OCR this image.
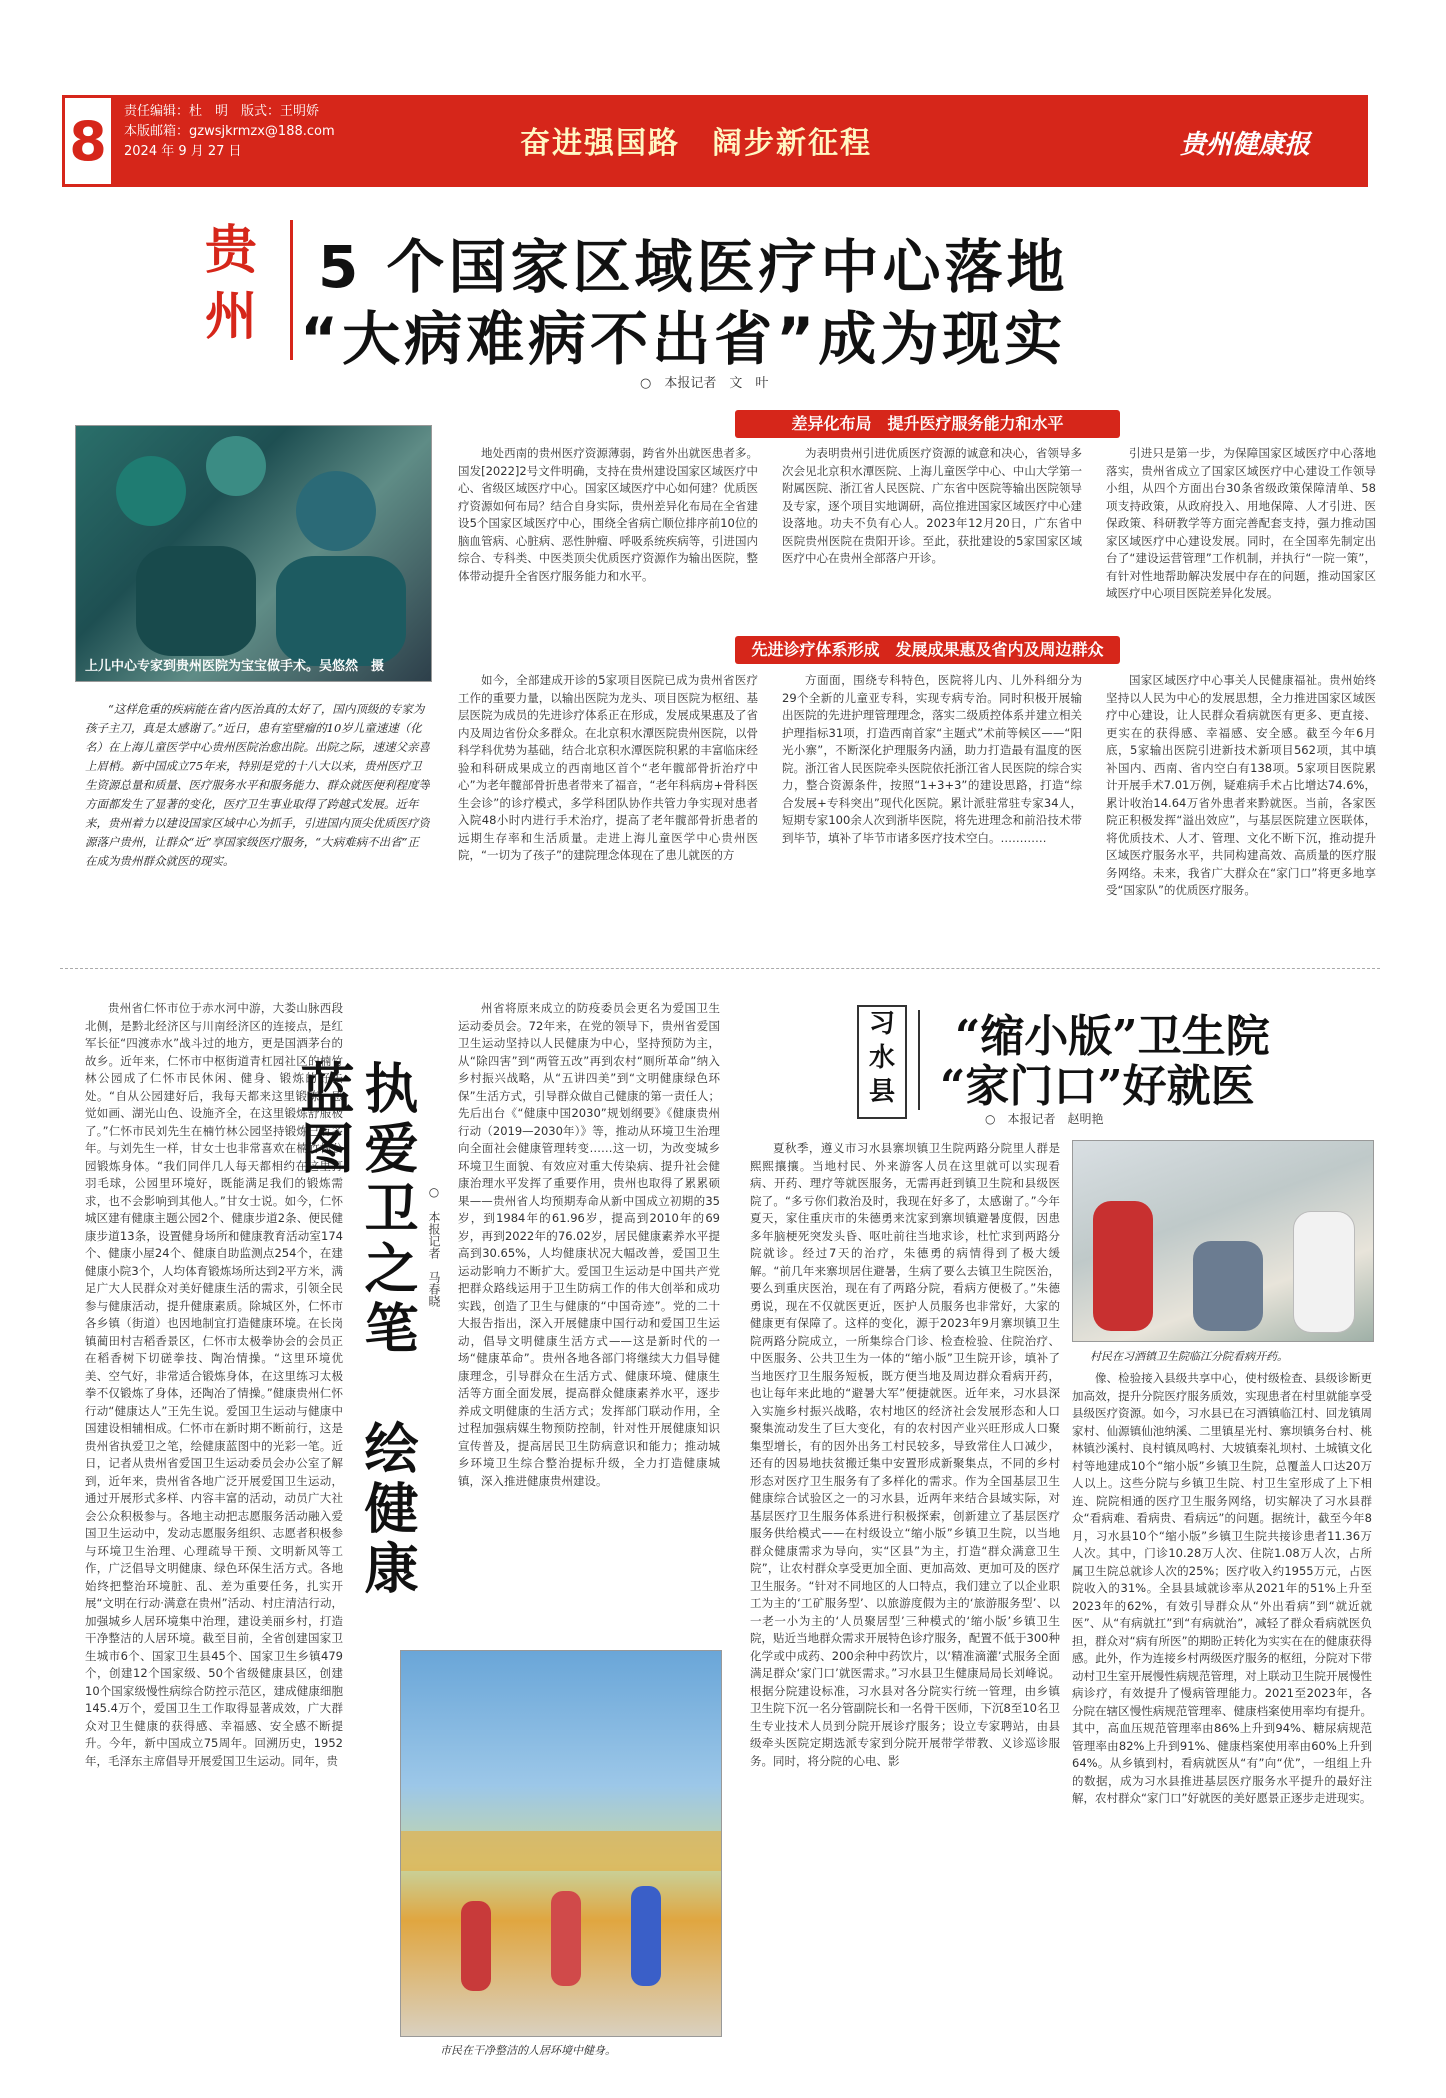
8	责任编辑：杜　明　版式：王明娇
本版邮箱：gzwsjkrmzx@188.com
2024 年 9 月 27 日	奋进强国路　阔步新征程	贵州健康报
贵州
5 个国家区域医疗中心落地
“大病难病不出省”成为现实
○　本报记者　文　叶
上儿中心专家到贵州医院为宝宝做手术。吴悠然　摄

“这样危重的疾病能在省内医治真的太好了，国内顶级的专家为孩子主刀，真是太感谢了。”近日，患有室壁瘤的10岁儿童速速（化名）在上海儿童医学中心贵州医院治愈出院。出院之际，速速父亲喜上眉梢。新中国成立75年来，特别是党的十八大以来，贵州医疗卫生资源总量和质量、医疗服务水平和服务能力、群众就医便利程度等方面都发生了显著的变化，医疗卫生事业取得了跨越式发展。近年来，贵州着力以建设国家区域中心为抓手，引进国内顶尖优质医疗资源落户贵州，让群众“近”享国家级医疗服务，“大病难病不出省”正在成为贵州群众就医的现实。

差异化布局　提升医疗服务能力和水平
先进诊疗体系形成　发展成果惠及省内及周边群众

地处西南的贵州医疗资源薄弱，跨省外出就医患者多。国发[2022]2号文件明确，支持在贵州建设国家区域医疗中心、省级区域医疗中心。国家区域医疗中心如何建？优质医疗资源如何布局？结合自身实际，贵州差异化布局在全省建设5个国家区域医疗中心，围绕全省病亡顺位排序前10位的脑血管病、心脏病、恶性肿瘤、呼吸系统疾病等，引进国内综合、专科类、中医类顶尖优质医疗资源作为输出医院，整体带动提升全省医疗服务能力和水平。

为表明贵州引进优质医疗资源的诚意和决心，省领导多次会见北京积水潭医院、上海儿童医学中心、中山大学第一附属医院、浙江省人民医院、广东省中医院等输出医院领导及专家，逐个项目实地调研，高位推进国家区域医疗中心建设落地。功夫不负有心人。2023年12月20日，广东省中医院贵州医院在贵阳开诊。至此，获批建设的5家国家区域医疗中心在贵州全部落户开诊。

引进只是第一步，为保障国家区域医疗中心落地落实，贵州省成立了国家区域医疗中心建设工作领导小组，从四个方面出台30条省级政策保障清单、58项支持政策，从政府投入、用地保障、人才引进、医保政策、科研教学等方面完善配套支持，强力推动国家区域医疗中心建设发展。同时，在全国率先制定出台了“建设运营管理”工作机制，并执行“一院一策”，有针对性地帮助解决发展中存在的问题，推动国家区域医疗中心项目医院差异化发展。

如今，全部建成开诊的5家项目医院已成为贵州省医疗工作的重要力量，以输出医院为龙头、项目医院为枢纽、基层医院为成员的先进诊疗体系正在形成，发展成果惠及了省内及周边省份众多群众。在北京积水潭医院贵州医院，以骨科学科优势为基础，结合北京积水潭医院积累的丰富临床经验和科研成果成立的西南地区首个“老年髋部骨折治疗中心”为老年髋部骨折患者带来了福音，“老年科病房+骨科医生会诊”的诊疗模式，多学科团队协作共管力争实现对患者入院48小时内进行手术治疗，提高了老年髋部骨折患者的远期生存率和生活质量。走进上海儿童医学中心贵州医院，“一切为了孩子”的建院理念体现在了患儿就医的方

方面面，围绕专科特色，医院将儿内、儿外科细分为29个全新的儿童亚专科，实现专病专治。同时积极开展输出医院的先进护理管理理念，落实二级质控体系并建立相关护理指标31项，打造西南首家“主题式”术前等候区——“阳光小寨”，不断深化护理服务内涵，助力打造最有温度的医院。浙江省人民医院牵头医院依托浙江省人民医院的综合实力，整合资源条件，按照“1+3+3”的建设思路，打造“综合发展+专科突出”现代化医院。累计派驻常驻专家34人，短期专家100余人次到浙毕医院，将先进理念和前沿技术带到毕节，填补了毕节市诸多医疗技术空白。…………

国家区域医疗中心事关人民健康福祉。贵州始终坚持以人民为中心的发展思想，全力推进国家区域医疗中心建设，让人民群众看病就医有更多、更直接、更实在的获得感、幸福感、安全感。截至今年6月底，5家输出医院引进新技术新项目562项，其中填补国内、西南、省内空白有138项。5家项目医院累计开展手术7.01万例，疑难病手术占比增达74.6%，累计收治14.64万省外患者来黔就医。当前，各家医院正积极发挥“溢出效应”，与基层医院建立医联体，将优质技术、人才、管理、文化不断下沉，推动提升区域医疗服务水平，共同构建高效、高质量的医疗服务网络。未来，我省广大群众在“家门口”将更多地享受“国家队”的优质医疗服务。

贵州省仁怀市位于赤水河中游，大娄山脉西段北侧，是黔北经济区与川南经济区的连接点，是红军长征“四渡赤水”战斗过的地方，更是国酒茅台的故乡。近年来，仁怀市中枢街道青杠园社区的楠竹林公园成了仁怀市民休闲、健身、锻炼的好去处。“自从公园建好后，我每天都来这里锻炼，感觉如画、湖光山色、设施齐全，在这里锻炼舒服极了。”仁怀市民刘先生在楠竹林公园坚持锻炼已有多年。与刘先生一样，甘女士也非常喜欢在楠竹林公园锻炼身体。“我们同伴几人每天都相约在这里打羽毛球，公园里环境好，既能满足我们的锻炼需求，也不会影响到其他人。”甘女士说。如今，仁怀城区建有健康主题公园2个、健康步道2条、便民健康步道13条，设置健身场所和健康教育活动室174个、健康小屋24个、健康自助监测点254个，在建健康小院3个，人均体育锻炼场所达到2平方米，满足广大人民群众对美好健康生活的需求，引领全民参与健康活动，提升健康素质。除城区外，仁怀市各乡镇（街道）也因地制宜打造健康环境。在长岗镇蔺田村吉稻香景区，仁怀市太极拳协会的会员正在稻香树下切磋拳技、陶冶情操。“这里环境优美、空气好，非常适合锻炼身体，在这里练习太极拳不仅锻炼了身体，还陶冶了情操。”健康贵州仁怀行动“健康达人”王先生说。爱国卫生运动与健康中国建设相辅相成。仁怀市在新时期不断前行，这是贵州省执爱卫之笔，绘健康蓝图中的光彩一笔。近日，记者从贵州省爱国卫生运动委员会办公室了解到，近年来，贵州省各地广泛开展爱国卫生运动，通过开展形式多样、内容丰富的活动，动员广大社会公众积极参与。各地主动把志愿服务活动融入爱国卫生运动中，发动志愿服务组织、志愿者积极参与环境卫生治理、心理疏导干预、文明新风等工作，广泛倡导文明健康、绿色环保生活方式。各地始终把整治环境脏、乱、差为重要任务，扎实开展“文明在行动·满意在贵州”活动、村庄清洁行动，加强城乡人居环境集中治理，建设美丽乡村，打造干净整洁的人居环境。截至目前，全省创建国家卫生城市6个、国家卫生县45个、国家卫生乡镇479个，创建12个国家级、50个省级健康县区，创建10个国家级慢性病综合防控示范区，建成健康细胞145.4万个，爱国卫生工作取得显著成效，广大群众对卫生健康的获得感、幸福感、安全感不断提升。今年，新中国成立75周年。回溯历史，1952年，毛泽东主席倡导开展爱国卫生运动。同年，贵

执爱卫之笔　绘健康蓝图
○　本报记者　马春晓

州省将原来成立的防疫委员会更名为爱国卫生运动委员会。72年来，在党的领导下，贵州省爱国卫生运动坚持以人民健康为中心，坚持预防为主，从“除四害”到“两管五改”再到农村“厕所革命”纳入乡村振兴战略，从“五讲四美”到“文明健康绿色环保”生活方式，引导群众做自己健康的第一责任人；先后出台《“健康中国2030”规划纲要》《健康贵州行动（2019—2030年）》等，推动从环境卫生治理向全面社会健康管理转变……这一切，为改变城乡环境卫生面貌、有效应对重大传染病、提升社会健康治理水平发挥了重要作用，贵州也取得了累累硕果——贵州省人均预期寿命从新中国成立初期的35岁，到1984年的61.96岁，提高到2010年的69岁，再到2022年的76.02岁，居民健康素养水平提高到30.65%，人均健康状况大幅改善，爱国卫生运动影响力不断扩大。爱国卫生运动是中国共产党把群众路线运用于卫生防病工作的伟大创举和成功实践，创造了卫生与健康的“中国奇迹”。党的二十大报告指出，深入开展健康中国行动和爱国卫生运动，倡导文明健康生活方式——这是新时代的一场“健康革命”。贵州各地各部门将继续大力倡导健康理念，引导群众在生活方式、健康环境、健康生活等方面全面发展，提高群众健康素养水平，逐步养成文明健康的生活方式；发挥部门联动作用，全过程加强病媒生物预防控制，针对性开展健康知识宣传普及，提高居民卫生防病意识和能力；推动城乡环境卫生综合整治提标升级，全力打造健康城镇，深入推进健康贵州建设。

市民在干净整洁的人居环境中健身。
习水县
“缩小版”卫生院
“家门口”好就医
○　本报记者　赵明艳
村民在习酒镇卫生院临江分院看病开药。

夏秋季，遵义市习水县寨坝镇卫生院两路分院里人群是熙熙攘攘。当地村民、外来游客人员在这里就可以实现看病、开药、理疗等就医服务，无需再赶到镇卫生院和县级医院了。“多亏你们救治及时，我现在好多了，太感谢了。”今年夏天，家住重庆市的朱德勇来沈家到寨坝镇避暑度假，因患多年脑梗死突发头昏、呕吐前往当地求诊，杜忙求到两路分院就诊。经过7天的治疗，朱德勇的病情得到了极大缓解。“前几年来寨坝居住避暑，生病了要么去镇卫生院医治，要么到重庆医治，现在有了两路分院，看病方便极了。”朱德勇说，现在不仅就医更近，医护人员服务也非常好，大家的健康更有保障了。这样的变化，源于2023年9月寨坝镇卫生院两路分院成立，一所集综合门诊、检查检验、住院治疗、中医服务、公共卫生为一体的“缩小版”卫生院开诊，填补了当地医疗卫生服务短板，既方便当地及周边群众看病开药，也让每年来此地的“避暑大军”便捷就医。近年来，习水县深入实施乡村振兴战略，农村地区的经济社会发展形态和人口聚集流动发生了巨大变化，有的农村因产业兴旺形成人口聚集型增长，有的因外出务工村民较多，导致常住人口减少，还有的因易地扶贫搬迁集中安置形成新聚集点，不同的乡村形态对医疗卫生服务有了多样化的需求。作为全国基层卫生健康综合试验区之一的习水县，近两年来结合县域实际，对基层医疗卫生服务体系进行积极探索，创新建立了基层医疗服务供给模式——在村级设立“缩小版”乡镇卫生院，以当地群众健康需求为导向，实“区县”为主，打造“群众满意卫生院”，让农村群众享受更加全面、更加高效、更加可及的医疗卫生服务。“针对不同地区的人口特点，我们建立了以企业职工为主的‘工矿服务型’、以旅游度假为主的‘旅游服务型’、以一老一小为主的‘人员聚居型’三种模式的‘缩小版’乡镇卫生院，贴近当地群众需求开展特色诊疗服务，配置不低于300种化学或中成药、200余种中药饮片，以‘精准滴灌’式服务全面满足群众‘家门口’就医需求。”习水县卫生健康局局长刘峰说。根据分院建设标准，习水县对各分院实行统一管理，由乡镇卫生院下沉一名分管副院长和一名骨干医师，下沉8至10名卫生专业技术人员到分院开展诊疗服务；设立专家聘站，由县级牵头医院定期选派专家到分院开展带学带教、义诊巡诊服务。同时，将分院的心电、影

像、检验接入县级共享中心，使村级检查、县级诊断更加高效，提升分院医疗服务质效，实现患者在村里就能享受县级医疗资源。如今，习水县已在习酒镇临江村、回龙镇周家村、仙源镇仙池纳溪、二里镇星光村、寨坝镇务台村、桃林镇沙溪村、良村镇凤鸣村、大坡镇秦礼坝村、土城镇文化村等地建成10个“缩小版”乡镇卫生院，总覆盖人口达20万人以上。这些分院与乡镇卫生院、村卫生室形成了上下相连、院院相通的医疗卫生服务网络，切实解决了习水县群众“看病难、看病贵、看病远”的问题。据统计，截至今年8月，习水县10个“缩小版”乡镇卫生院共接诊患者11.36万人次。其中，门诊10.28万人次、住院1.08万人次，占所属卫生院总就诊人次的25%；医疗收入约1955万元，占医院收入的31%。全县县域就诊率从2021年的51%上升至2023年的62%，有效引导群众从“外出看病”到“就近就医”、从“有病就扛”到“有病就治”，减轻了群众看病就医负担，群众对“病有所医”的期盼正转化为实实在在的健康获得感。此外，作为连接乡村两级医疗服务的枢纽，分院对下带动村卫生室开展慢性病规范管理，对上联动卫生院开展慢性病诊疗，有效提升了慢病管理能力。2021至2023年，各分院在辖区慢性病规范管理率、健康档案使用率均有提升。其中，高血压规范管理率由86%上升到94%、糖尿病规范管理率由82%上升到91%、健康档案使用率由60%上升到64%。从乡镇到村，看病就医从“有”向“优”，一组组上升的数据，成为习水县推进基层医疗服务水平提升的最好注解，农村群众“家门口”好就医的美好愿景正逐步走进现实。
